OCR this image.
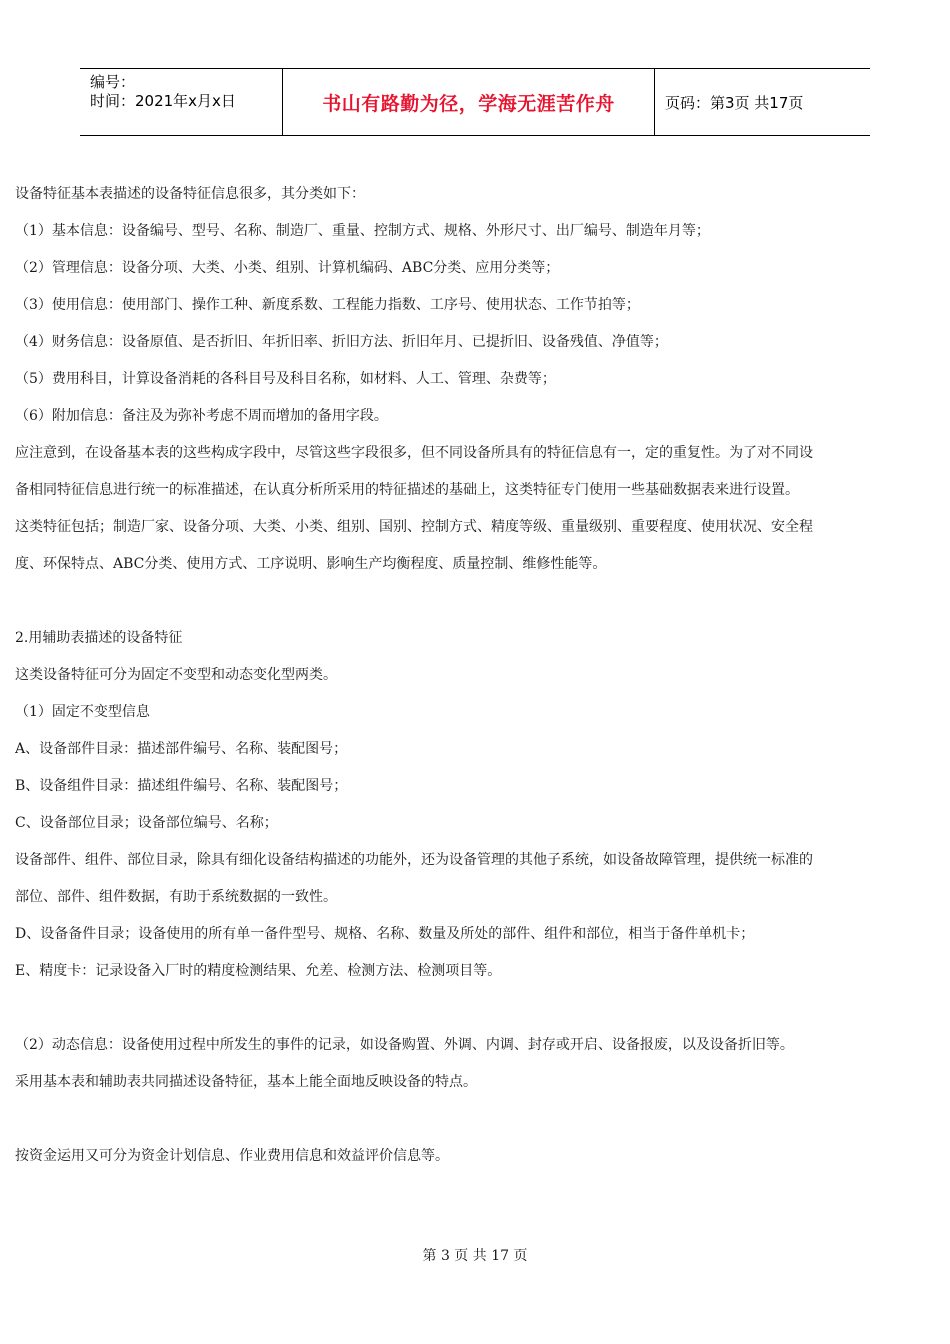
编号：
时间：2021年x月x日	书山有路勤为径，学海无涯苦作舟	页码：第3页 共17页
设备特征基本表描述的设备特征信息很多，其分类如下：
（1）基本信息：设备编号、型号、名称、制造厂、重量、控制方式、规格、外形尺寸、出厂编号、制造年月等；
（2）管理信息：设备分项、大类、小类、组别、计算机编码、ABC分类、应用分类等；
（3）使用信息：使用部门、操作工种、新度系数、工程能力指数、工序号、使用状态、工作节拍等；
（4）财务信息：设备原值、是否折旧、年折旧率、折旧方法、折旧年月、已提折旧、设备残值、净值等；
（5）费用科目，计算设备消耗的各科目号及科目名称，如材料、人工、管理、杂费等；
（6）附加信息：备注及为弥补考虑不周而增加的备用字段。
应注意到，在设备基本表的这些构成字段中，尽管这些字段很多，但不同设备所具有的特征信息有一，定的重复性。为了对不同设
备相同特征信息进行统一的标准描述，在认真分析所采用的特征描述的基础上，这类特征专门使用一些基础数据表来进行设置。
这类特征包括；制造厂家、设备分项、大类、小类、组别、国别、控制方式、精度等级、重量级别、重要程度、使用状况、安全程
度、环保特点、ABC分类、使用方式、工序说明、影响生产均衡程度、质量控制、维修性能等。
2.用辅助表描述的设备特征
这类设备特征可分为固定不变型和动态变化型两类。
（1）固定不变型信息
A、设备部件目录：描述部件编号、名称、装配图号；
B、设备组件目录：描述组件编号、名称、装配图号；
C、设备部位目录；设备部位编号、名称；
设备部件、组件、部位目录，除具有细化设备结构描述的功能外，还为设备管理的其他子系统，如设备故障管理，提供统一标准的
部位、部件、组件数据，有助于系统数据的一致性。
D、设备备件目录；设备使用的所有单一备件型号、规格、名称、数量及所处的部件、组件和部位，相当于备件单机卡；
E、精度卡：记录设备入厂时的精度检测结果、允差、检测方法、检测项目等。
（2）动态信息：设备使用过程中所发生的事件的记录，如设备购置、外调、内调、封存或开启、设备报废，以及设备折旧等。
采用基本表和辅助表共同描述设备特征，基本上能全面地反映设备的特点。
按资金运用又可分为资金计划信息、作业费用信息和效益评价信息等。
第 3 页 共 17 页
